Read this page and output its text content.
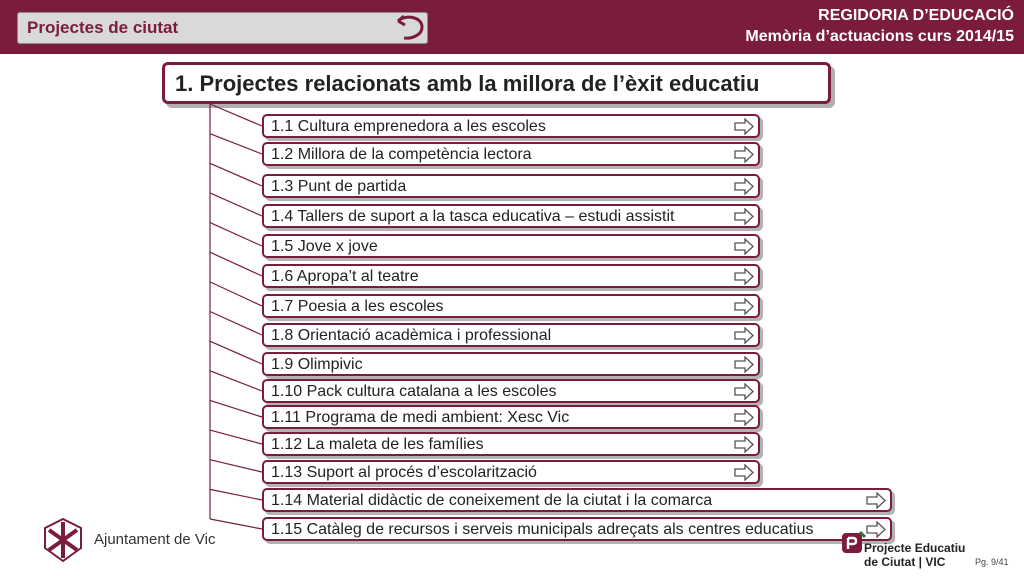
Projectes de ciutat
REGIDORIA D’EDUCACIÓ
Memòria d’actuacions curs 2014/15
1. Projectes relacionats amb la millora de l’èxit educatiu
1.1 Cultura emprenedora a les escoles
1.2 Millora de la competència lectora
1.3 Punt de partida
1.4 Tallers de suport a la tasca educativa – estudi assistit
1.5 Jove x jove
1.6 Apropa’t al teatre
1.7 Poesia a les escoles
1.8 Orientació acadèmica i professional
1.9 Olimpivic
1.10 Pack cultura catalana a les escoles
1.11 Programa de medi ambient: Xesc Vic
1.12 La maleta de les famílies
1.13 Suport al procés d’escolarització
1.14 Material didàctic de coneixement de la ciutat i la comarca
1.15 Catàleg de recursos i serveis municipals adreçats als centres educatius
Ajuntament de Vic	Projecte Educatiu
de Ciutat | VIC	Pg. 9/41
